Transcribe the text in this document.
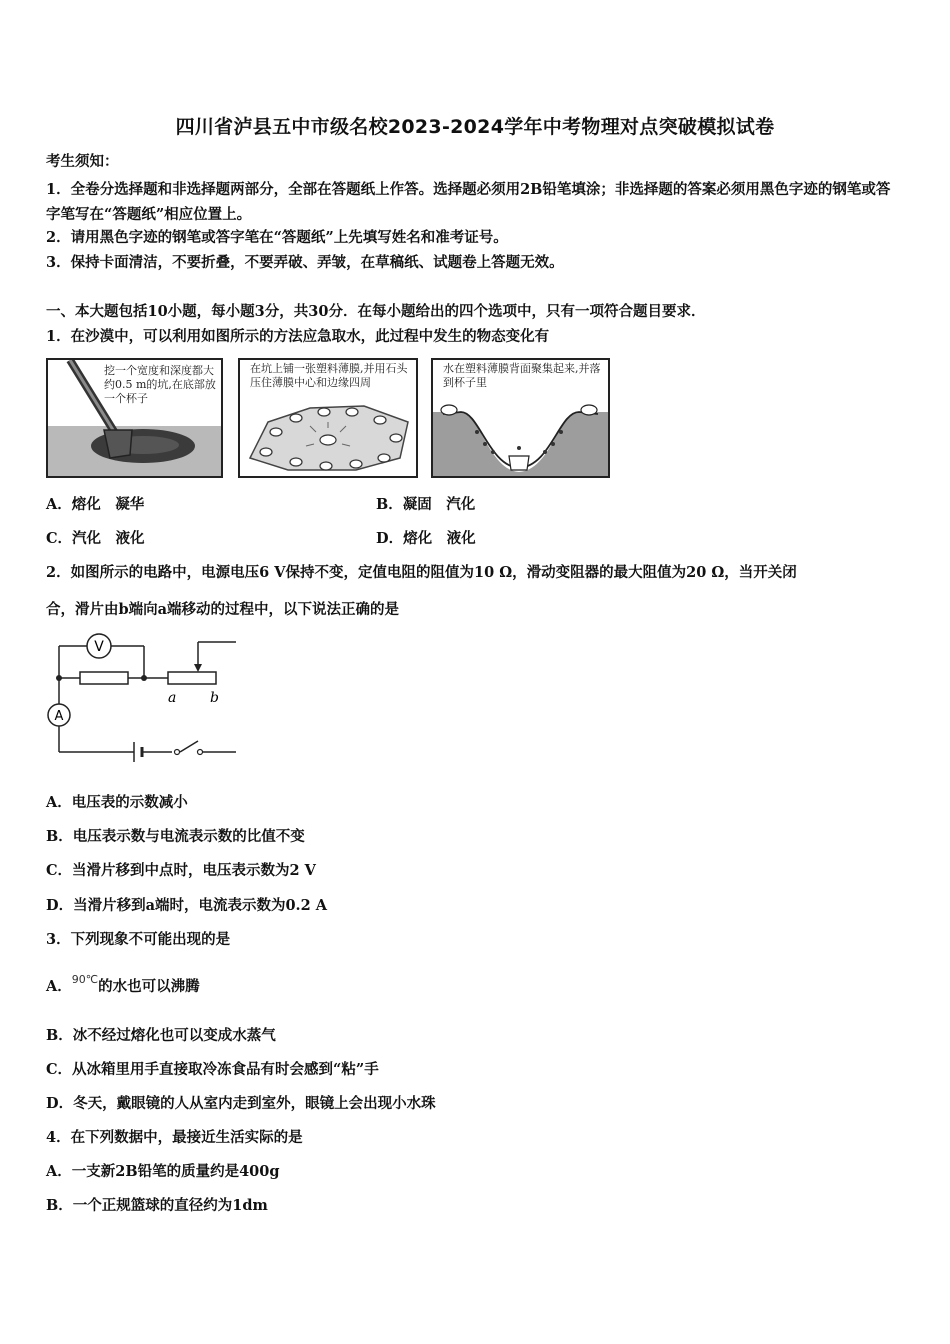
四川省泸县五中市级名校2023-2024学年中考物理对点突破模拟试卷
考生须知：
1．全卷分选择题和非选择题两部分，全部在答题纸上作答。选择题必须用2B铅笔填涂；非选择题的答案必须用黑色字迹的钢笔或答字笔写在“答题纸”相应位置上。
2．请用黑色字迹的钢笔或答字笔在“答题纸”上先填写姓名和准考证号。
3．保持卡面清洁，不要折叠，不要弄破、弄皱，在草稿纸、试题卷上答题无效。
一、本大题包括10小题，每小题3分，共30分．在每小题给出的四个选项中，只有一项符合题目要求．
1．在沙漠中，可以利用如图所示的方法应急取水，此过程中发生的物态变化有
挖一个宽度和深度都大约0.5 m的坑,在底部放一个杯子
在坑上铺一张塑料薄膜,并用石头压住薄膜中心和边缘四周
水在塑料薄膜背面聚集起来,并落到杯子里
A．熔化　凝华	B．凝固　汽化
C．汽化　液化	D．熔化　液化
2．如图所示的电路中，电源电压6 V保持不变，定值电阻的阻值为10 Ω，滑动变阻器的最大阻值为20 Ω，当开关闭
合，滑片由b端向a端移动的过程中，以下说法正确的是
V
A
a b
A．电压表的示数减小
B．电压表示数与电流表示数的比值不变
C．当滑片移到中点时，电压表示数为2 V
D．当滑片移到a端时，电流表示数为0.2 A
3．下列现象不可能出现的是
A．$^{90℃}$的水也可以沸腾
B．冰不经过熔化也可以变成水蒸气
C．从冰箱里用手直接取冷冻食品有时会感到“粘”手
D．冬天，戴眼镜的人从室内走到室外，眼镜上会出现小水珠
4．在下列数据中，最接近生活实际的是
A．一支新2B铅笔的质量约是400g
B．一个正规篮球的直径约为1dm
